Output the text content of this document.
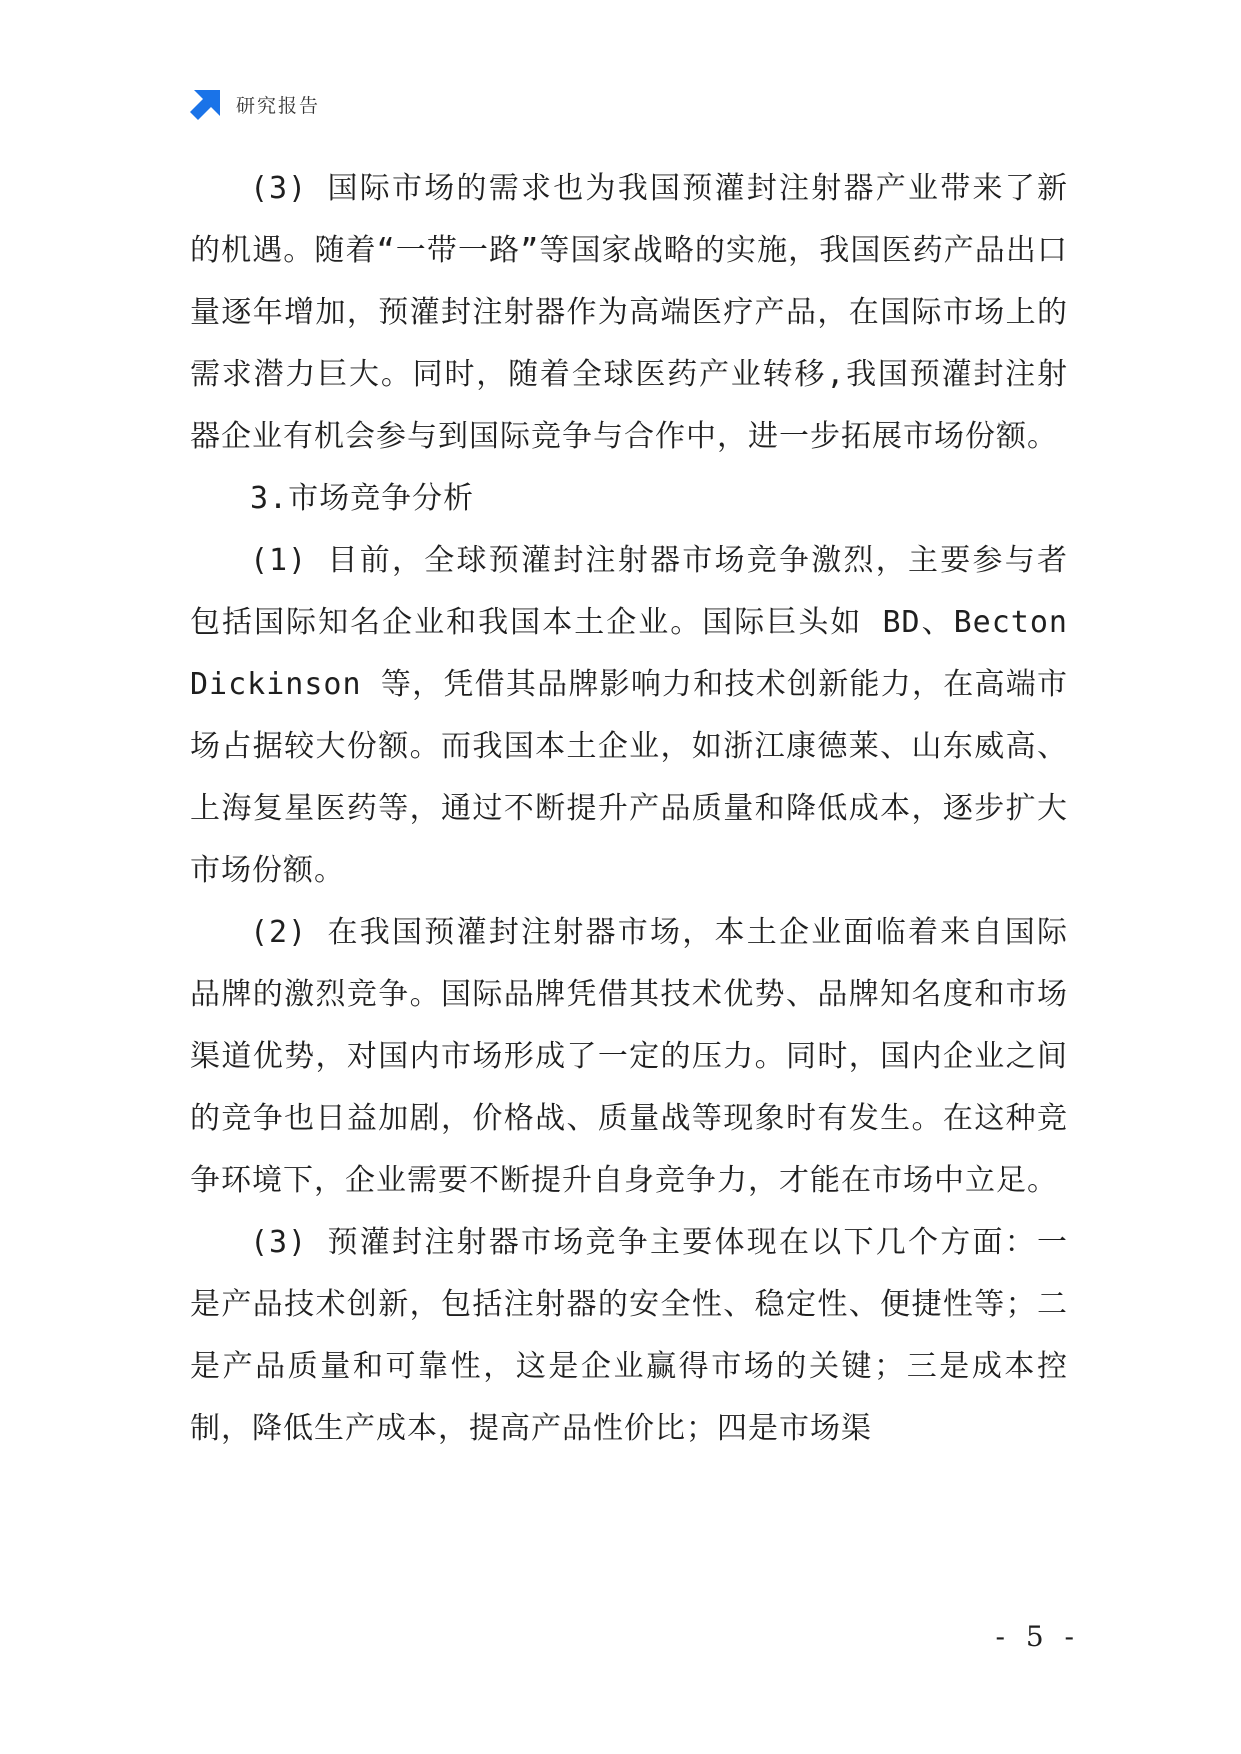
研究报告

(3) 国际市场的需求也为我国预灌封注射器产业带来了新的机遇。随着“一带一路”等国家战略的实施，我国医药产品出口量逐年增加，预灌封注射器作为高端医疗产品，在国际市场上的需求潜力巨大。同时，随着全球医药产业转移,我国预灌封注射器企业有机会参与到国际竞争与合作中，进一步拓展市场份额。

3.市场竞争分析

(1) 目前，全球预灌封注射器市场竞争激烈，主要参与者包括国际知名企业和我国本土企业。国际巨头如 BD、Becton Dickinson 等，凭借其品牌影响力和技术创新能力，在高端市场占据较大份额。而我国本土企业，如浙江康德莱、山东威高、上海复星医药等，通过不断提升产品质量和降低成本，逐步扩大市场份额。

(2) 在我国预灌封注射器市场，本土企业面临着来自国际品牌的激烈竞争。国际品牌凭借其技术优势、品牌知名度和市场渠道优势，对国内市场形成了一定的压力。同时，国内企业之间的竞争也日益加剧，价格战、质量战等现象时有发生。在这种竞争环境下，企业需要不断提升自身竞争力，才能在市场中立足。

(3) 预灌封注射器市场竞争主要体现在以下几个方面：一是产品技术创新，包括注射器的安全性、稳定性、便捷性等；二是产品质量和可靠性，这是企业赢得市场的关键；三是成本控制，降低生产成本，提高产品性价比；四是市场渠

- 5 -
